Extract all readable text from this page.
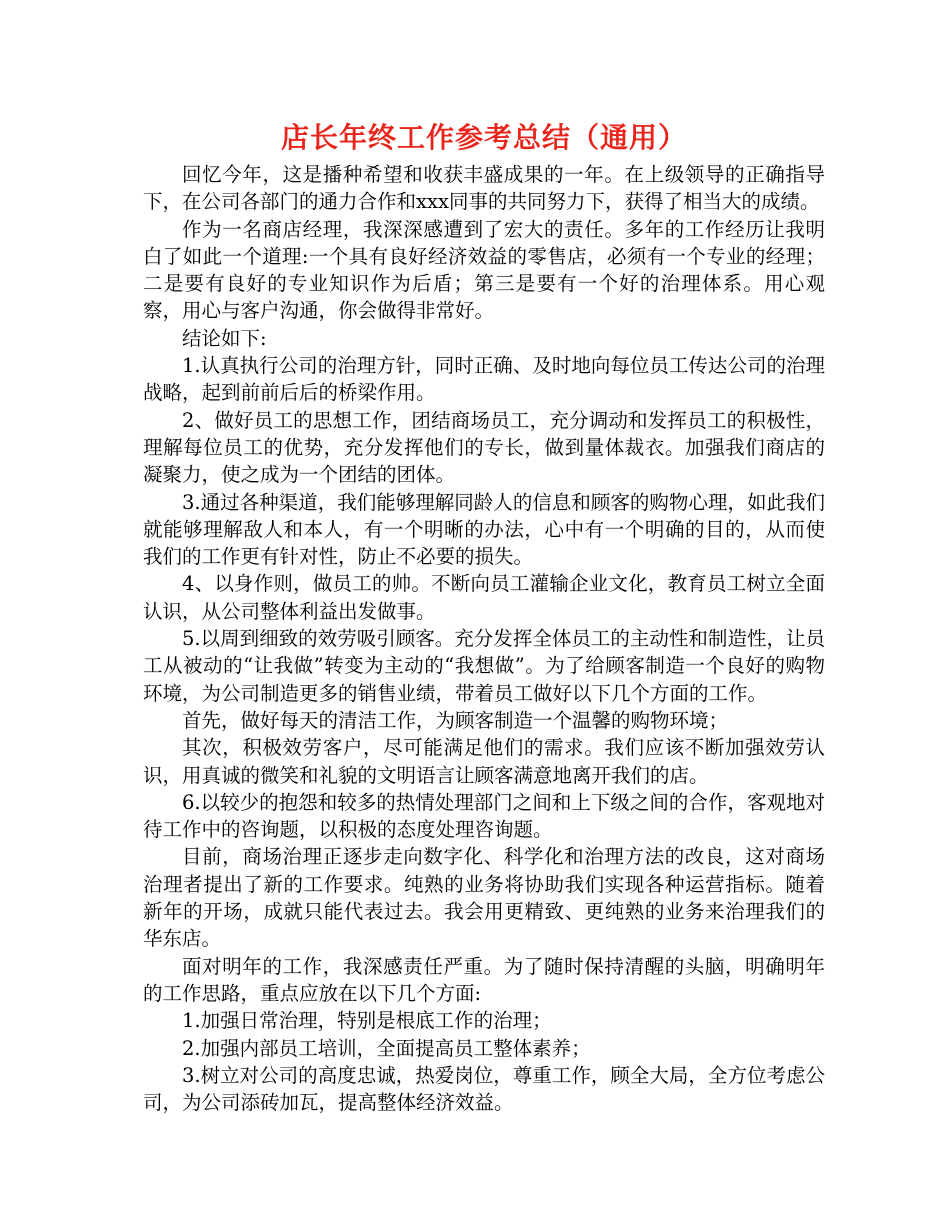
店长年终工作参考总结（通用）

回忆今年，这是播种希望和收获丰盛成果的一年。在上级领导的正确指导下，在公司各部门的通力合作和xxx同事的共同努力下，获得了相当大的成绩。

作为一名商店经理，我深深感遭到了宏大的责任。多年的工作经历让我明白了如此一个道理:一个具有良好经济效益的零售店，必须有一个专业的经理；二是要有良好的专业知识作为后盾；第三是要有一个好的治理体系。用心观察，用心与客户沟通，你会做得非常好。

结论如下:

1.认真执行公司的治理方针，同时正确、及时地向每位员工传达公司的治理战略，起到前前后后的桥梁作用。

2、做好员工的思想工作，团结商场员工，充分调动和发挥员工的积极性，理解每位员工的优势，充分发挥他们的专长，做到量体裁衣。加强我们商店的凝聚力，使之成为一个团结的团体。

3.通过各种渠道，我们能够理解同龄人的信息和顾客的购物心理，如此我们就能够理解敌人和本人，有一个明晰的办法，心中有一个明确的目的，从而使我们的工作更有针对性，防止不必要的损失。

4、以身作则，做员工的帅。不断向员工灌输企业文化，教育员工树立全面认识，从公司整体利益出发做事。

5.以周到细致的效劳吸引顾客。充分发挥全体员工的主动性和制造性，让员工从被动的“让我做”转变为主动的“我想做”。为了给顾客制造一个良好的购物环境，为公司制造更多的销售业绩，带着员工做好以下几个方面的工作。

首先，做好每天的清洁工作，为顾客制造一个温馨的购物环境；

其次，积极效劳客户，尽可能满足他们的需求。我们应该不断加强效劳认识，用真诚的微笑和礼貌的文明语言让顾客满意地离开我们的店。

6.以较少的抱怨和较多的热情处理部门之间和上下级之间的合作，客观地对待工作中的咨询题，以积极的态度处理咨询题。

目前，商场治理正逐步走向数字化、科学化和治理方法的改良，这对商场治理者提出了新的工作要求。纯熟的业务将协助我们实现各种运营指标。随着新年的开场，成就只能代表过去。我会用更精致、更纯熟的业务来治理我们的华东店。

面对明年的工作，我深感责任严重。为了随时保持清醒的头脑，明确明年的工作思路，重点应放在以下几个方面:

1.加强日常治理，特别是根底工作的治理；

2.加强内部员工培训，全面提高员工整体素养；

3.树立对公司的高度忠诚，热爱岗位，尊重工作，顾全大局，全方位考虑公司，为公司添砖加瓦，提高整体经济效益。
